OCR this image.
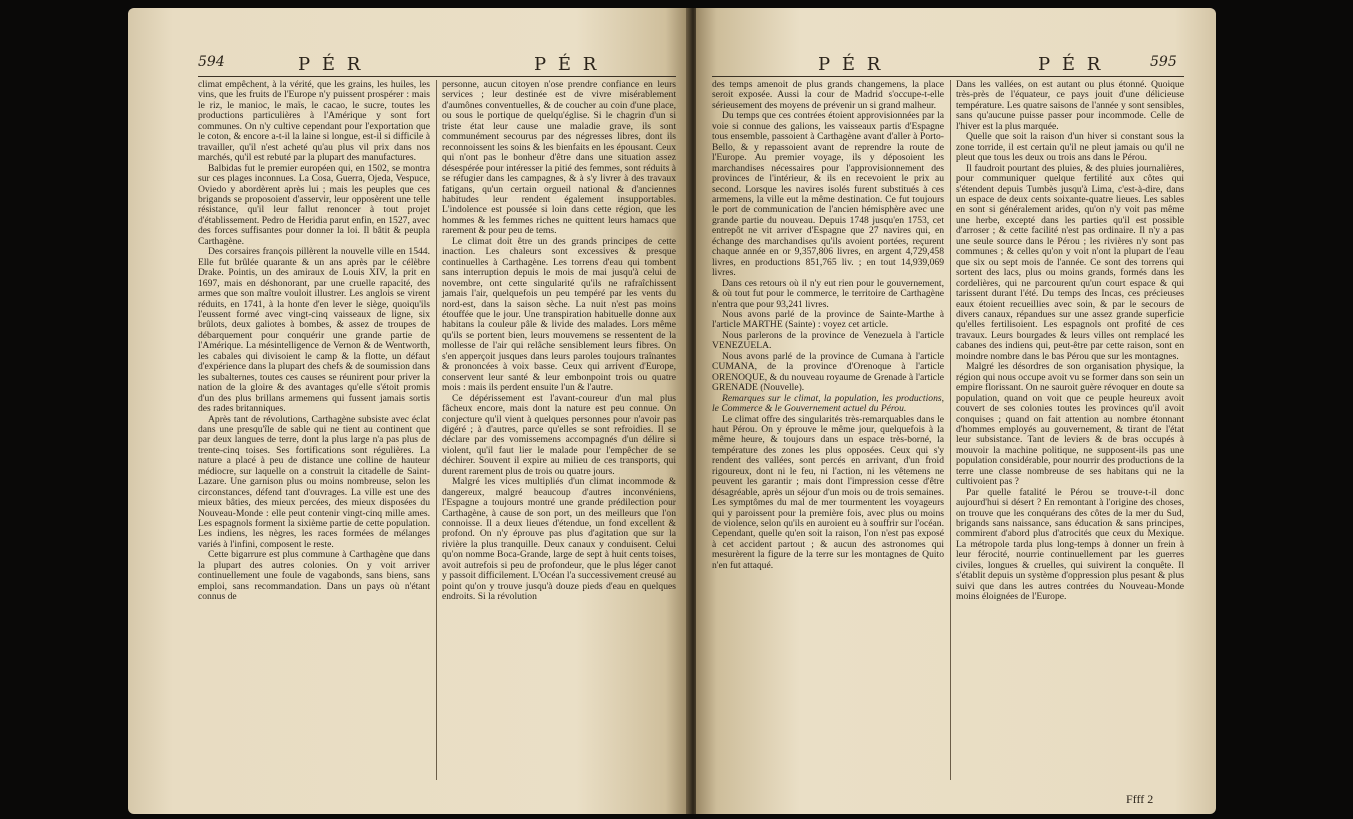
594	P É R	P É R

climat empêchent, à la vérité, que les grains, les huiles, les vins, que les fruits de l'Europe n'y puissent prospérer : mais le riz, le manioc, le maïs, le cacao, le sucre, toutes les productions particulières à l'Amérique y sont fort communes. On n'y cultive cependant pour l'exportation que le coton, & encore a-t-il la laine si longue, est-il si difficile à travailler, qu'il n'est acheté qu'au plus vil prix dans nos marchés, qu'il est rebuté par la plupart des manufactures.

Balbidas fut le premier européen qui, en 1502, se montra sur ces plages inconnues. La Cosa, Guerra, Ojeda, Vespuce, Oviedo y abordèrent après lui ; mais les peuples que ces brigands se proposoient d'asservir, leur opposèrent une telle résistance, qu'il leur fallut renoncer à tout projet d'établissement. Pedro de Heridia parut enfin, en 1527, avec des forces suffisantes pour donner la loi. Il bâtit & peupla Carthagène.

Des corsaires françois pillèrent la nouvelle ville en 1544. Elle fut brûlée quarante & un ans après par le célèbre Drake. Pointis, un des amiraux de Louis XIV, la prit en 1697, mais en déshonorant, par une cruelle rapacité, des armes que son maître vouloit illustrer. Les anglois se virent réduits, en 1741, à la honte d'en lever le siège, quoiqu'ils l'eussent formé avec vingt-cinq vaisseaux de ligne, six brûlots, deux galiotes à bombes, & assez de troupes de débarquement pour conquérir une grande partie de l'Amérique. La mésintelligence de Vernon & de Wentworth, les cabales qui divisoient le camp & la flotte, un défaut d'expérience dans la plupart des chefs & de soumission dans les subalternes, toutes ces causes se réunirent pour priver la nation de la gloire & des avantages qu'elle s'étoit promis d'un des plus brillans armemens qui fussent jamais sortis des rades britanniques.

Après tant de révolutions, Carthagène subsiste avec éclat dans une presqu'île de sable qui ne tient au continent que par deux langues de terre, dont la plus large n'a pas plus de trente-cinq toises. Ses fortifications sont régulières. La nature a placé à peu de distance une colline de hauteur médiocre, sur laquelle on a construit la citadelle de Saint-Lazare. Une garnison plus ou moins nombreuse, selon les circonstances, défend tant d'ouvrages. La ville est une des mieux bâties, des mieux percées, des mieux disposées du Nouveau-Monde : elle peut contenir vingt-cinq mille ames. Les espagnols forment la sixième partie de cette population. Les indiens, les nègres, les races formées de mélanges variés à l'infini, composent le reste.

Cette bigarrure est plus commune à Carthagène que dans la plupart des autres colonies. On y voit arriver continuellement une foule de vagabonds, sans biens, sans emploi, sans recommandation. Dans un pays où n'étant connus de

personne, aucun citoyen n'ose prendre confiance en leurs services ; leur destinée est de vivre misérablement d'aumônes conventuelles, & de coucher au coin d'une place, ou sous le portique de quelqu'église. Si le chagrin d'un si triste état leur cause une maladie grave, ils sont communément secourus par des négresses libres, dont ils reconnoissent les soins & les bienfaits en les épousant. Ceux qui n'ont pas le bonheur d'être dans une situation assez désespérée pour intéresser la pitié des femmes, sont réduits à se réfugier dans les campagnes, & à s'y livrer à des travaux fatigans, qu'un certain orgueil national & d'anciennes habitudes leur rendent également insupportables. L'indolence est poussée si loin dans cette région, que les hommes & les femmes riches ne quittent leurs hamacs que rarement & pour peu de tems.

Le climat doit être un des grands principes de cette inaction. Les chaleurs sont excessives & presque continuelles à Carthagène. Les torrens d'eau qui tombent sans interruption depuis le mois de mai jusqu'à celui de novembre, ont cette singularité qu'ils ne rafraîchissent jamais l'air, quelquefois un peu tempéré par les vents du nord-est, dans la saison sèche. La nuit n'est pas moins étouffée que le jour. Une transpiration habituelle donne aux habitans la couleur pâle & livide des malades. Lors même qu'ils se portent bien, leurs mouvemens se ressentent de la mollesse de l'air qui relâche sensiblement leurs fibres. On s'en apperçoit jusques dans leurs paroles toujours traînantes & prononcées à voix basse. Ceux qui arrivent d'Europe, conservent leur santé & leur embonpoint trois ou quatre mois : mais ils perdent ensuite l'un & l'autre.

Ce dépérissement est l'avant-coureur d'un mal plus fâcheux encore, mais dont la nature est peu connue. On conjecture qu'il vient à quelques personnes pour n'avoir pas digéré ; à d'autres, parce qu'elles se sont refroidies. Il se déclare par des vomissemens accompagnés d'un délire si violent, qu'il faut lier le malade pour l'empêcher de se déchirer. Souvent il expire au milieu de ces transports, qui durent rarement plus de trois ou quatre jours.

Malgré les vices multipliés d'un climat incommode & dangereux, malgré beaucoup d'autres inconvéniens, l'Espagne a toujours montré une grande prédilection pour Carthagène, à cause de son port, un des meilleurs que l'on connoisse. Il a deux lieues d'étendue, un fond excellent & profond. On n'y éprouve pas plus d'agitation que sur la rivière la plus tranquille. Deux canaux y conduisent. Celui qu'on nomme Boca-Grande, large de sept à huit cents toises, avoit autrefois si peu de profondeur, que le plus léger canot y passoit difficilement. L'Océan l'a successivement creusé au point qu'on y trouve jusqu'à douze pieds d'eau en quelques endroits. Si la révolution

P É R	P É R	595

des temps amenoit de plus grands changemens, la place seroit exposée. Aussi la cour de Madrid s'occupe-t-elle sérieusement des moyens de prévenir un si grand malheur.

Du temps que ces contrées étoient approvisionnées par la voie si connue des galions, les vaisseaux partis d'Espagne tous ensemble, passoient à Carthagène avant d'aller à Porto-Bello, & y repassoient avant de reprendre la route de l'Europe. Au premier voyage, ils y déposoient les marchandises nécessaires pour l'approvisionnement des provinces de l'intérieur, & ils en recevoient le prix au second. Lorsque les navires isolés furent substitués à ces armemens, la ville eut la même destination. Ce fut toujours le port de communication de l'ancien hémisphère avec une grande partie du nouveau. Depuis 1748 jusqu'en 1753, cet entrepôt ne vit arriver d'Espagne que 27 navires qui, en échange des marchandises qu'ils avoient portées, reçurent chaque année en or 9,357,806 livres, en argent 4,729,458 livres, en productions 851,765 liv. ; en tout 14,939,069 livres.

Dans ces retours où il n'y eut rien pour le gouvernement, & où tout fut pour le commerce, le territoire de Carthagène n'entra que pour 93,241 livres.

Nous avons parlé de la province de Sainte-Marthe à l'article MARTHE (Sainte) : voyez cet article.

Nous parlerons de la province de Venezuela à l'article VENEZUELA.

Nous avons parlé de la province de Cumana à l'article CUMANA, de la province d'Orenoque à l'article ORENOQUE, & du nouveau royaume de Grenade à l'article GRENADE (Nouvelle).

Remarques sur le climat, la population, les productions, le Commerce & le Gouvernement actuel du Pérou.

Le climat offre des singularités très-remarquables dans le haut Pérou. On y éprouve le même jour, quelquefois à la même heure, & toujours dans un espace très-borné, la température des zones les plus opposées. Ceux qui s'y rendent des vallées, sont percés en arrivant, d'un froid rigoureux, dont ni le feu, ni l'action, ni les vêtemens ne peuvent les garantir ; mais dont l'impression cesse d'être désagréable, après un séjour d'un mois ou de trois semaines. Les symptômes du mal de mer tourmentent les voyageurs qui y paroissent pour la première fois, avec plus ou moins de violence, selon qu'ils en auroient eu à souffrir sur l'océan. Cependant, quelle qu'en soit la raison, l'on n'est pas exposé à cet accident partout ; & aucun des astronomes qui mesurèrent la figure de la terre sur les montagnes de Quito n'en fut attaqué.

Dans les vallées, on est autant ou plus étonné. Quoique très-près de l'équateur, ce pays jouit d'une délicieuse température. Les quatre saisons de l'année y sont sensibles, sans qu'aucune puisse passer pour incommode. Celle de l'hiver est la plus marquée.

Quelle que soit la raison d'un hiver si constant sous la zone torride, il est certain qu'il ne pleut jamais ou qu'il ne pleut que tous les deux ou trois ans dans le Pérou.

Il faudroit pourtant des pluies, & des pluies journalières, pour communiquer quelque fertilité aux côtes qui s'étendent depuis Tumbès jusqu'à Lima, c'est-à-dire, dans un espace de deux cents soixante-quatre lieues. Les sables en sont si généralement arides, qu'on n'y voit pas même une herbe, excepté dans les parties qu'il est possible d'arroser ; & cette facilité n'est pas ordinaire. Il n'y a pas une seule source dans le Pérou ; les rivières n'y sont pas communes ; & celles qu'on y voit n'ont la plupart de l'eau que six ou sept mois de l'année. Ce sont des torrens qui sortent des lacs, plus ou moins grands, formés dans les cordelières, qui ne parcourent qu'un court espace & qui tarissent durant l'été. Du temps des Incas, ces précieuses eaux étoient recueillies avec soin, & par le secours de divers canaux, répandues sur une assez grande superficie qu'elles fertilisoient. Les espagnols ont profité de ces travaux. Leurs bourgades & leurs villes ont remplacé les cabanes des indiens qui, peut-être par cette raison, sont en moindre nombre dans le bas Pérou que sur les montagnes.

Malgré les désordres de son organisation physique, la région qui nous occupe avoit vu se former dans son sein un empire florissant. On ne sauroit guère révoquer en doute sa population, quand on voit que ce peuple heureux avoit couvert de ses colonies toutes les provinces qu'il avoit conquises ; quand on fait attention au nombre étonnant d'hommes employés au gouvernement, & tirant de l'état leur subsistance. Tant de leviers & de bras occupés à mouvoir la machine politique, ne supposent-ils pas une population considérable, pour nourrir des productions de la terre une classe nombreuse de ses habitans qui ne la cultivoient pas ?

Par quelle fatalité le Pérou se trouve-t-il donc aujourd'hui si désert ? En remontant à l'origine des choses, on trouve que les conquérans des côtes de la mer du Sud, brigands sans naissance, sans éducation & sans principes, commirent d'abord plus d'atrocités que ceux du Mexique. La métropole tarda plus long-temps à donner un frein à leur férocité, nourrie continuellement par les guerres civiles, longues & cruelles, qui suivirent la conquête. Il s'établit depuis un système d'oppression plus pesant & plus suivi que dans les autres contrées du Nouveau-Monde moins éloignées de l'Europe.

Ffff 2
